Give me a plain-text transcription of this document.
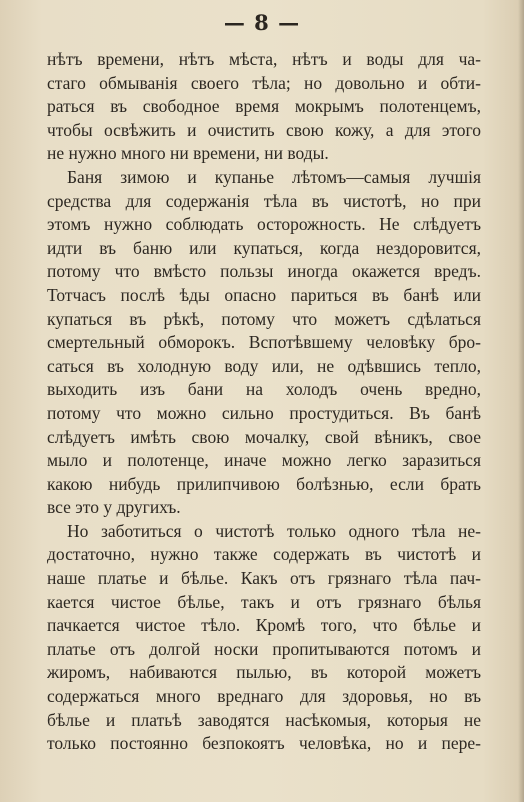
— 8 —
нѣтъ времени, нѣтъ мѣста, нѣтъ и воды для ча-
стаго обмыванія своего тѣла; но довольно и обти-
раться въ свободное время мокрымъ полотенцемъ,
чтобы освѣжить и очистить свою кожу, а для этого
не нужно много ни времени, ни воды.
Баня зимою и купанье лѣтомъ—самыя лучшія
средства для содержанія тѣла въ чистотѣ, но при
этомъ нужно соблюдать осторожность. Не слѣдуетъ
идти въ баню или купаться, когда нездоровится,
потому что вмѣсто пользы иногда окажется вредъ.
Тотчасъ послѣ ѣды опасно париться въ банѣ или
купаться въ рѣкѣ, потому что можетъ сдѣлаться
смертельный обморокъ. Вспотѣвшему человѣку бро-
саться въ холодную воду или, не одѣвшись тепло,
выходить изъ бани на холодъ очень вредно,
потому что можно сильно простудиться. Въ банѣ
слѣдуетъ имѣть свою мочалку, свой вѣникъ, свое
мыло и полотенце, иначе можно легко заразиться
какою нибудь прилипчивою болѣзнью, если брать
все это у другихъ.
Но заботиться о чистотѣ только одного тѣла не-
достаточно, нужно также содержать въ чистотѣ и
наше платье и бѣлье. Какъ отъ грязнаго тѣла пач-
кается чистое бѣлье, такъ и отъ грязнаго бѣлья
пачкается чистое тѣло. Кромѣ того, что бѣлье и
платье отъ долгой носки пропитываются потомъ и
жиромъ, набиваются пылью, въ которой можетъ
содержаться много вреднаго для здоровья, но въ
бѣлье и платьѣ заводятся насѣкомыя, которыя не
только постоянно безпокоятъ человѣка, но и пере-
